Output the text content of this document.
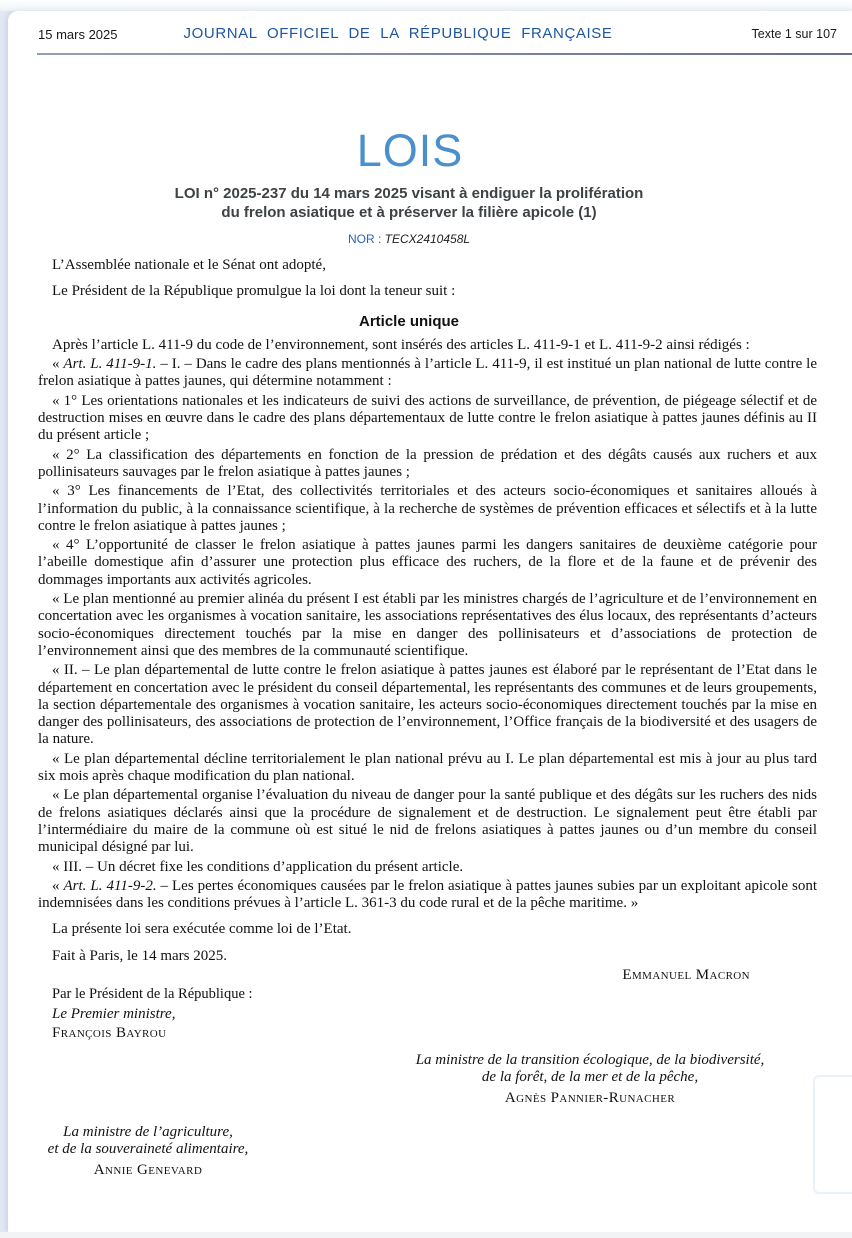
15 mars 2025	JOURNAL OFFICIEL DE LA RÉPUBLIQUE FRANÇAISE	Texte 1 sur 107
LOIS
LOI n° 2025-237 du 14 mars 2025 visant à endiguer la prolifération
du frelon asiatique et à préserver la filière apicole (1)
NOR : TECX2410458L

L’Assemblée nationale et le Sénat ont adopté,

Le Président de la République promulgue la loi dont la teneur suit :

Article unique

Après l’article L. 411-9 du code de l’environnement, sont insérés des articles L. 411-9-1 et L. 411-9-2 ainsi rédigés :

« Art. L. 411-9-1. – I. – Dans le cadre des plans mentionnés à l’article L. 411-9, il est institué un plan national de lutte contre le frelon asiatique à pattes jaunes, qui détermine notamment :

« 1° Les orientations nationales et les indicateurs de suivi des actions de surveillance, de prévention, de piégeage sélectif et de destruction mises en œuvre dans le cadre des plans départementaux de lutte contre le frelon asiatique à pattes jaunes définis au II du présent article ;

« 2° La classification des départements en fonction de la pression de prédation et des dégâts causés aux ruchers et aux pollinisateurs sauvages par le frelon asiatique à pattes jaunes ;

« 3° Les financements de l’Etat, des collectivités territoriales et des acteurs socio-économiques et sanitaires alloués à l’information du public, à la connaissance scientifique, à la recherche de systèmes de prévention efficaces et sélectifs et à la lutte contre le frelon asiatique à pattes jaunes ;

« 4° L’opportunité de classer le frelon asiatique à pattes jaunes parmi les dangers sanitaires de deuxième catégorie pour l’abeille domestique afin d’assurer une protection plus efficace des ruchers, de la flore et de la faune et de prévenir des dommages importants aux activités agricoles.

« Le plan mentionné au premier alinéa du présent I est établi par les ministres chargés de l’agriculture et de l’environnement en concertation avec les organismes à vocation sanitaire, les associations représentatives des élus locaux, des représentants d’acteurs socio-économiques directement touchés par la mise en danger des pollinisateurs et d’associations de protection de l’environnement ainsi que des membres de la communauté scientifique.

« II. – Le plan départemental de lutte contre le frelon asiatique à pattes jaunes est élaboré par le représentant de l’Etat dans le département en concertation avec le président du conseil départemental, les représentants des communes et de leurs groupements, la section départementale des organismes à vocation sanitaire, les acteurs socio-économiques directement touchés par la mise en danger des pollinisateurs, des associations de protection de l’environnement, l’Office français de la biodiversité et des usagers de la nature.

« Le plan départemental décline territorialement le plan national prévu au I. Le plan départemental est mis à jour au plus tard six mois après chaque modification du plan national.

« Le plan départemental organise l’évaluation du niveau de danger pour la santé publique et des dégâts sur les ruchers des nids de frelons asiatiques déclarés ainsi que la procédure de signalement et de destruction. Le signalement peut être établi par l’intermédiaire du maire de la commune où est situé le nid de frelons asiatiques à pattes jaunes ou d’un membre du conseil municipal désigné par lui.

« III. – Un décret fixe les conditions d’application du présent article.

« Art. L. 411-9-2. – Les pertes économiques causées par le frelon asiatique à pattes jaunes subies par un exploitant apicole sont indemnisées dans les conditions prévues à l’article L. 361-3 du code rural et de la pêche maritime. »

La présente loi sera exécutée comme loi de l’Etat.

Fait à Paris, le 14 mars 2025.

Emmanuel Macron

Par le Président de la République :

Le Premier ministre,

François Bayrou

La ministre de la transition écologique, de la biodiversité,

de la forêt, de la mer et de la pêche,

Agnès Pannier-Runacher

La ministre de l’agriculture,

et de la souveraineté alimentaire,

Annie Genevard
